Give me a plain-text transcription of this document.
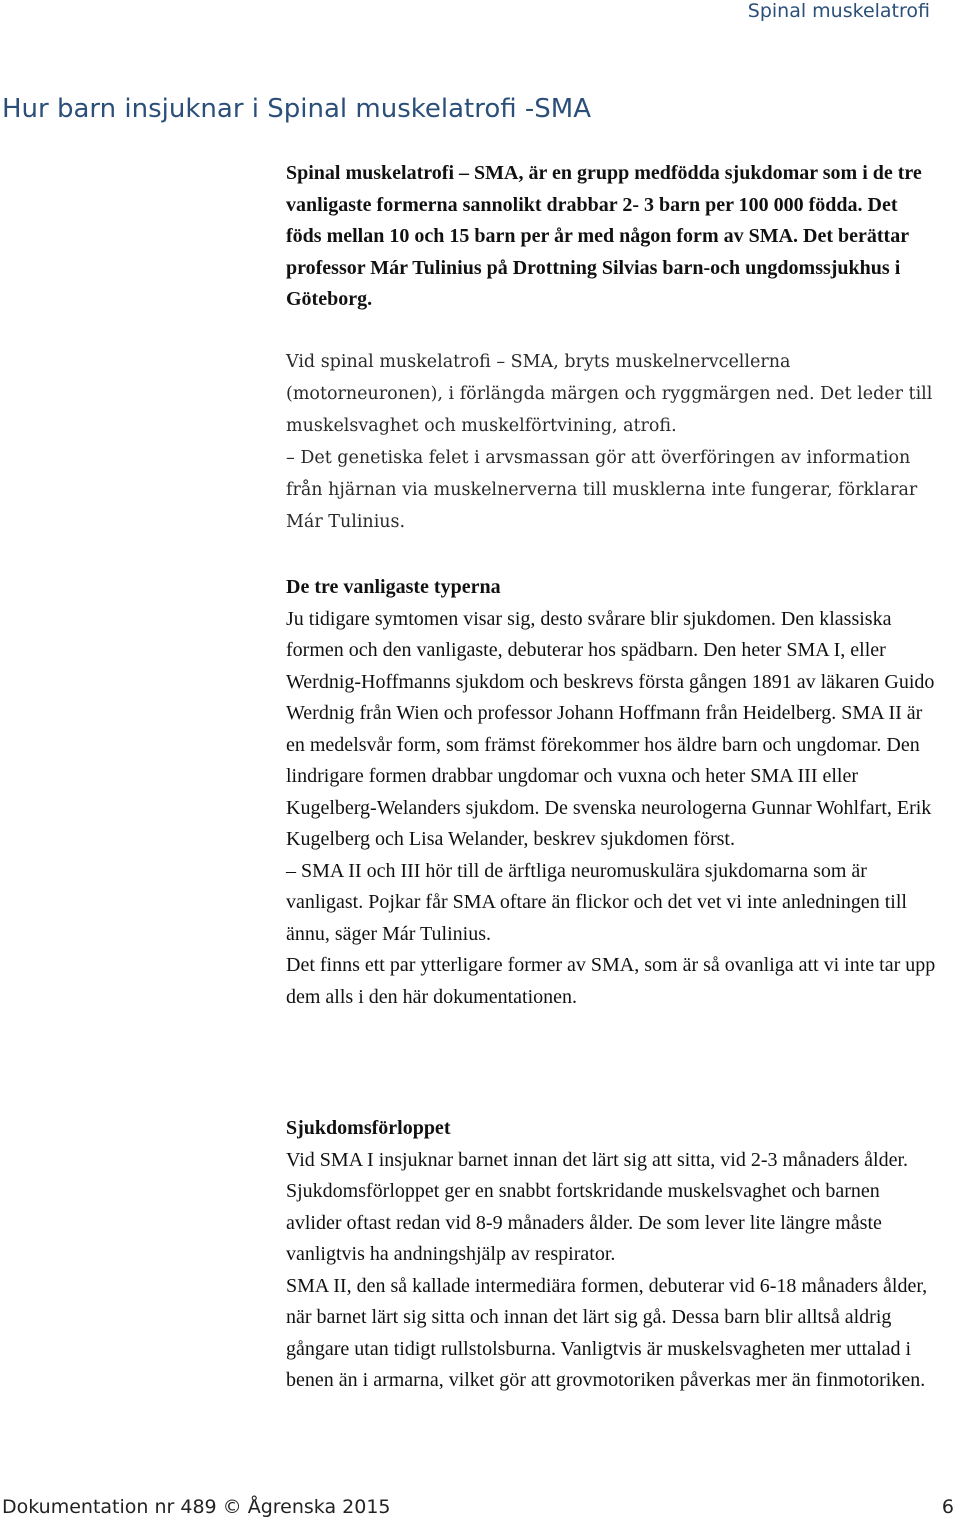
Spinal muskelatrofi
Hur barn insjuknar i Spinal muskelatrofi -SMA

Spinal muskelatrofi – SMA, är en grupp medfödda sjukdomar som i de tre vanligaste formerna sannolikt drabbar 2- 3 barn per 100 000 födda. Det föds mellan 10 och 15 barn per år med någon form av SMA. Det berättar professor Már Tulinius på Drottning Silvias barn-och ungdomssjukhus i Göteborg.

Vid spinal muskelatrofi – SMA, bryts muskelnervcellerna (motorneuronen), i förlängda märgen och ryggmärgen ned. Det leder till muskelsvaghet och muskelförtvining, atrofi.

– Det genetiska felet i arvsmassan gör att överföringen av information från hjärnan via muskelnerverna till musklerna inte fungerar, förklarar Már Tulinius.

De tre vanligaste typerna

Ju tidigare symtomen visar sig, desto svårare blir sjukdomen. Den klassiska formen och den vanligaste, debuterar hos spädbarn. Den heter SMA I, eller Werdnig-Hoffmanns sjukdom och beskrevs första gången 1891 av läkaren Guido Werdnig från Wien och professor Johann Hoffmann från Heidelberg. SMA II är en medelsvår form, som främst förekommer hos äldre barn och ungdomar. Den lindrigare formen drabbar ungdomar och vuxna och heter SMA III eller Kugelberg-Welanders sjukdom. De svenska neurologerna Gunnar Wohlfart, Erik Kugelberg och Lisa Welander, beskrev sjukdomen först.

– SMA II och III hör till de ärftliga neuromuskulära sjukdomarna som är vanligast. Pojkar får SMA oftare än flickor och det vet vi inte anledningen till ännu, säger Már Tulinius.

Det finns ett par ytterligare former av SMA, som är så ovanliga att vi inte tar upp dem alls i den här dokumentationen.

Sjukdomsförloppet

Vid SMA I insjuknar barnet innan det lärt sig att sitta, vid 2-3 månaders ålder. Sjukdomsförloppet ger en snabbt fortskridande muskelsvaghet och barnen avlider oftast redan vid 8-9 månaders ålder. De som lever lite längre måste vanligtvis ha andningshjälp av respirator.

SMA II, den så kallade intermediära formen, debuterar vid 6-18 månaders ålder, när barnet lärt sig sitta och innan det lärt sig gå. Dessa barn blir alltså aldrig gångare utan tidigt rullstolsburna. Vanligtvis är muskelsvagheten mer uttalad i benen än i armarna, vilket gör att grovmotoriken påverkas mer än finmotoriken.

Dokumentation nr 489 © Ågrenska 2015	6
